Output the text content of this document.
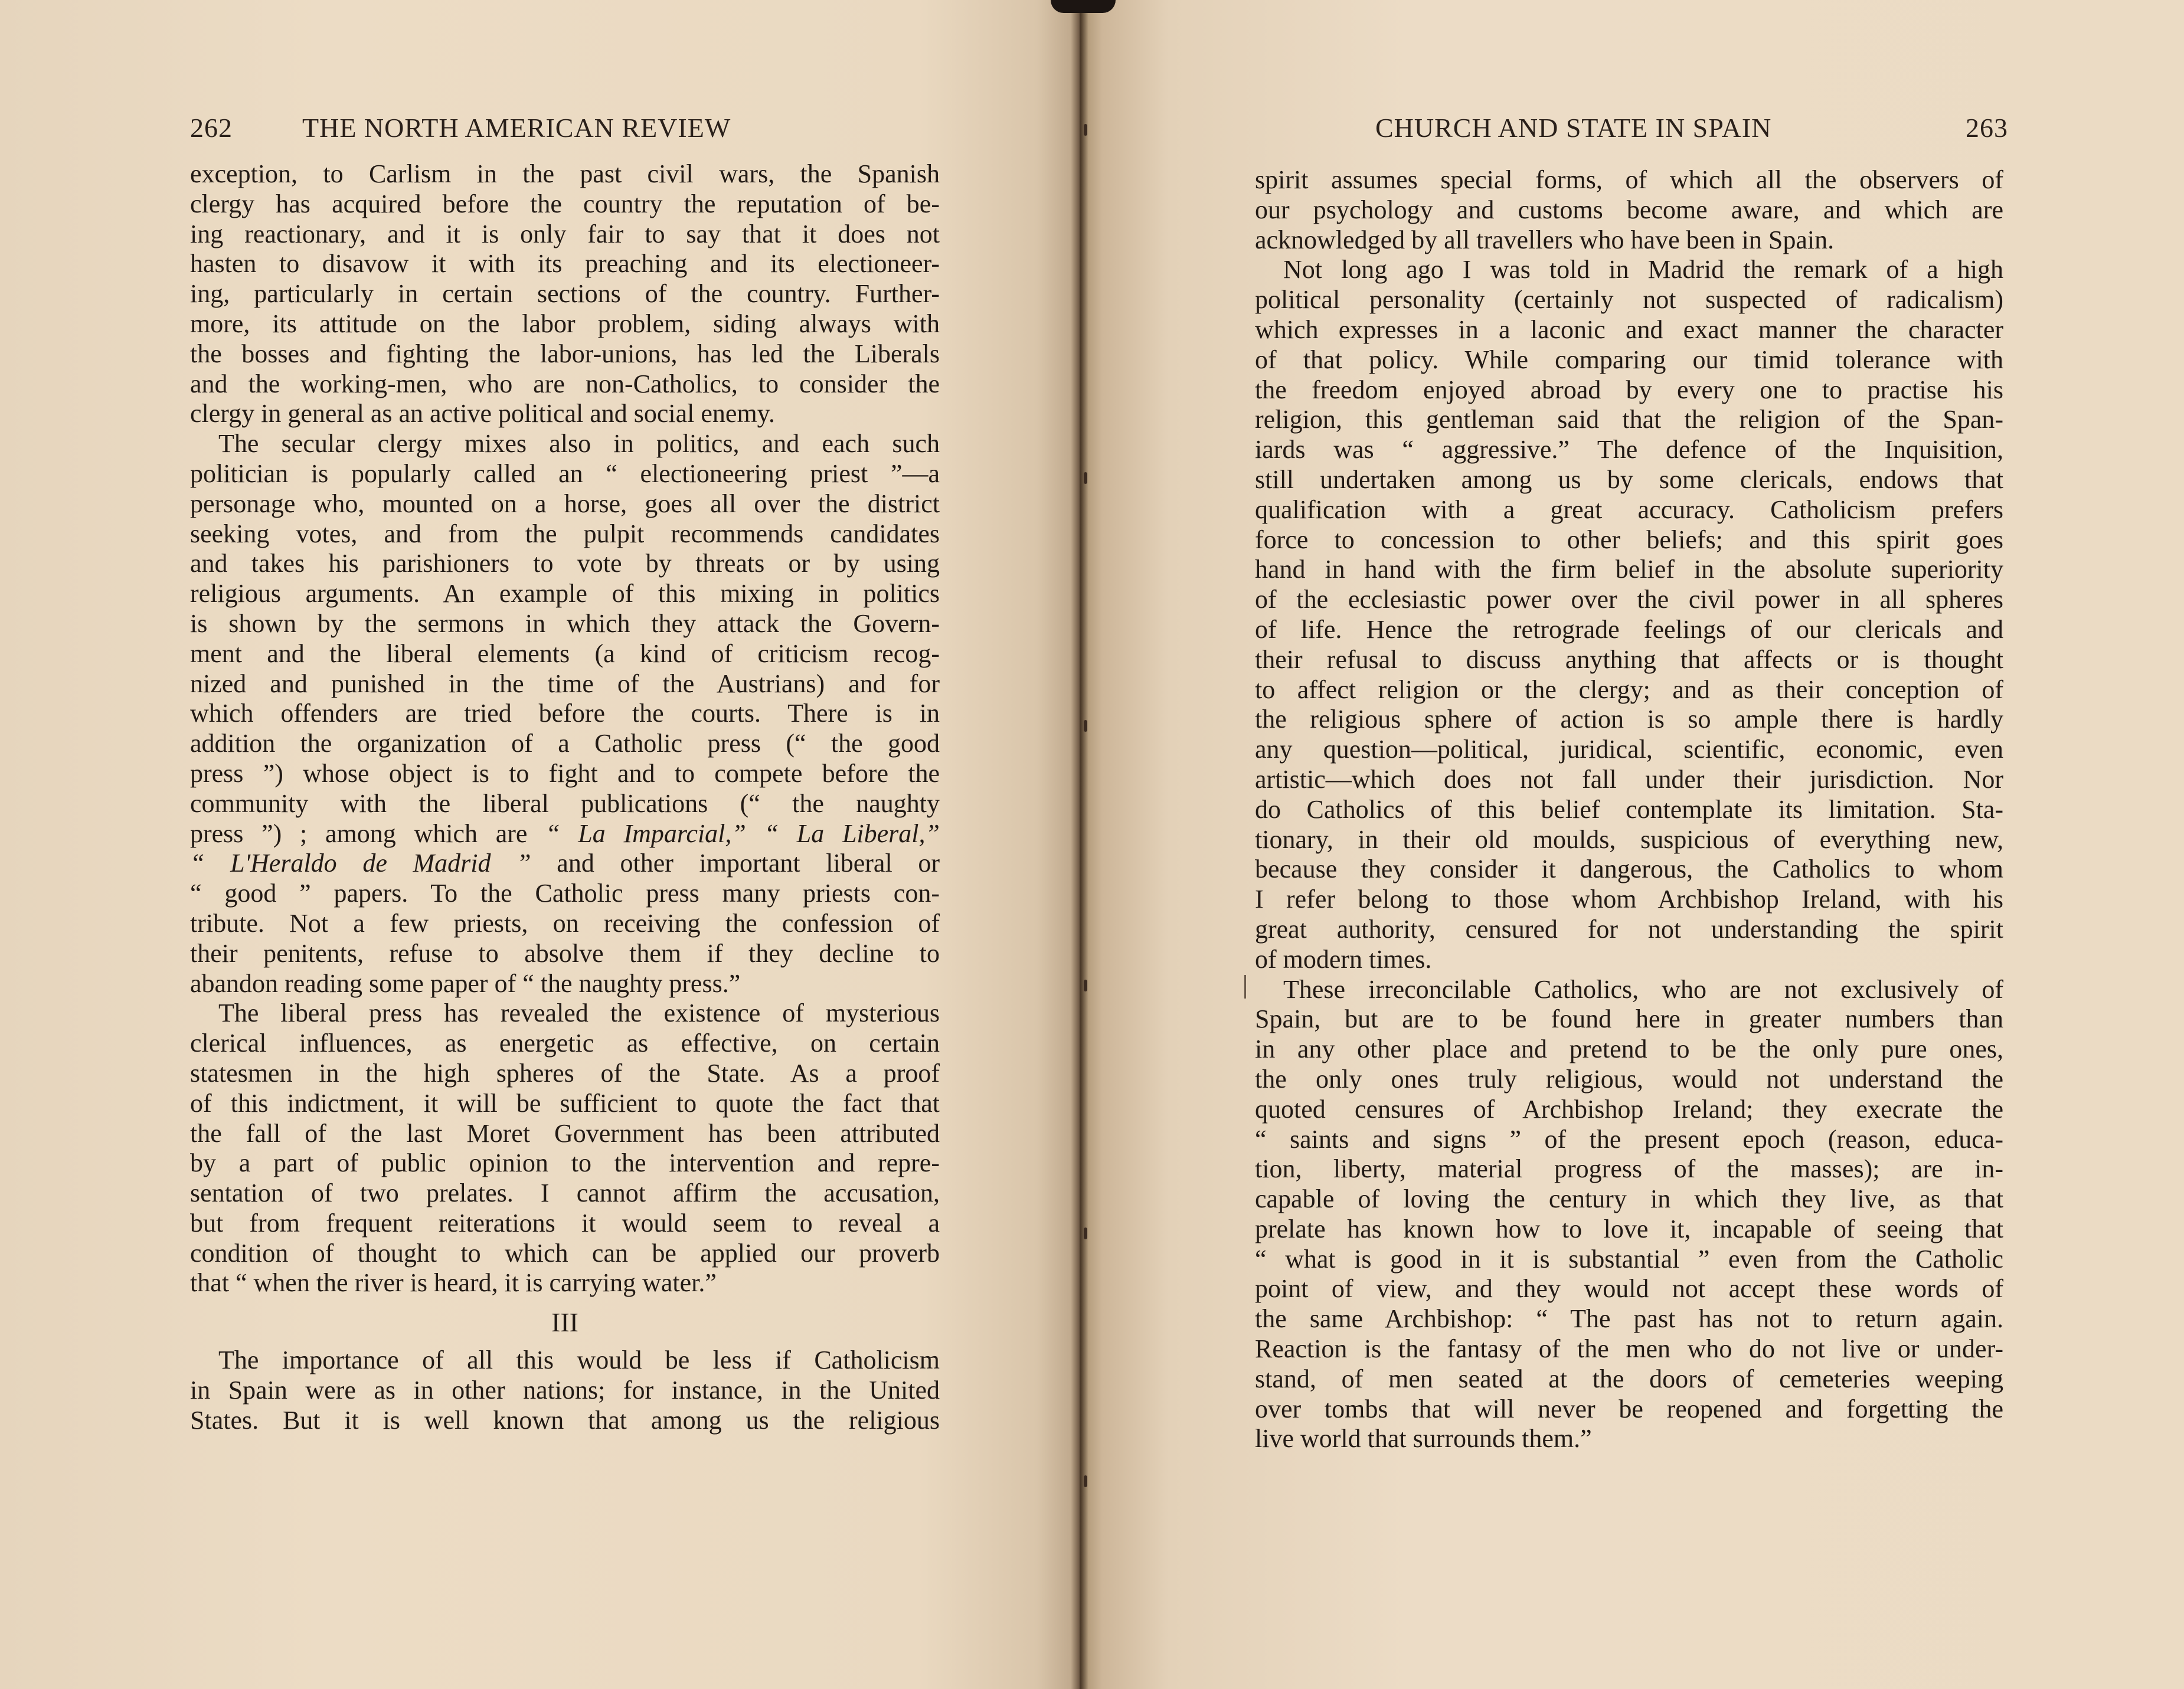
262	THE NORTH AMERICAN REVIEW	CHURCH AND STATE IN SPAIN	263
exception, to Carlism in the past civil wars, the Spanish
clergy has acquired before the country the reputation of be-
ing reactionary, and it is only fair to say that it does not
hasten to disavow it with its preaching and its electioneer-
ing, particularly in certain sections of the country. Further-
more, its attitude on the labor problem, siding always with
the bosses and fighting the labor-unions, has led the Liberals
and the working-men, who are non-Catholics, to consider the
clergy in general as an active political and social enemy.
The secular clergy mixes also in politics, and each such
politician is popularly called an “ electioneering priest ”—a
personage who, mounted on a horse, goes all over the district
seeking votes, and from the pulpit recommends candidates
and takes his parishioners to vote by threats or by using
religious arguments. An example of this mixing in politics
is shown by the sermons in which they attack the Govern-
ment and the liberal elements (a kind of criticism recog-
nized and punished in the time of the Austrians) and for
which offenders are tried before the courts. There is in
addition the organization of a Catholic press (“ the good
press ”) whose object is to fight and to compete before the
community with the liberal publications (“ the naughty
press ”) ; among which are “ La Imparcial,” “ La Liberal,”
“ L'Heraldo de Madrid ” and other important liberal or
“ good ” papers. To the Catholic press many priests con-
tribute. Not a few priests, on receiving the confession of
their penitents, refuse to absolve them if they decline to
abandon reading some paper of “ the naughty press.”
The liberal press has revealed the existence of mysterious
clerical influences, as energetic as effective, on certain
statesmen in the high spheres of the State. As a proof
of this indictment, it will be sufficient to quote the fact that
the fall of the last Moret Government has been attributed
by a part of public opinion to the intervention and repre-
sentation of two prelates. I cannot affirm the accusation,
but from frequent reiterations it would seem to reveal a
condition of thought to which can be applied our proverb
that “ when the river is heard, it is carrying water.”
III
The importance of all this would be less if Catholicism
in Spain were as in other nations; for instance, in the United
States. But it is well known that among us the religious
spirit assumes special forms, of which all the observers of
our psychology and customs become aware, and which are
acknowledged by all travellers who have been in Spain.
Not long ago I was told in Madrid the remark of a high
political personality (certainly not suspected of radicalism)
which expresses in a laconic and exact manner the character
of that policy. While comparing our timid tolerance with
the freedom enjoyed abroad by every one to practise his
religion, this gentleman said that the religion of the Span-
iards was “ aggressive.” The defence of the Inquisition,
still undertaken among us by some clericals, endows that
qualification with a great accuracy. Catholicism prefers
force to concession to other beliefs; and this spirit goes
hand in hand with the firm belief in the absolute superiority
of the ecclesiastic power over the civil power in all spheres
of life. Hence the retrograde feelings of our clericals and
their refusal to discuss anything that affects or is thought
to affect religion or the clergy; and as their conception of
the religious sphere of action is so ample there is hardly
any question—political, juridical, scientific, economic, even
artistic—which does not fall under their jurisdiction. Nor
do Catholics of this belief contemplate its limitation. Sta-
tionary, in their old moulds, suspicious of everything new,
because they consider it dangerous, the Catholics to whom
I refer belong to those whom Archbishop Ireland, with his
great authority, censured for not understanding the spirit
of modern times.
These irreconcilable Catholics, who are not exclusively of
Spain, but are to be found here in greater numbers than
in any other place and pretend to be the only pure ones,
the only ones truly religious, would not understand the
quoted censures of Archbishop Ireland; they execrate the
“ saints and signs ” of the present epoch (reason, educa-
tion, liberty, material progress of the masses); are in-
capable of loving the century in which they live, as that
prelate has known how to love it, incapable of seeing that
“ what is good in it is substantial ” even from the Catholic
point of view, and they would not accept these words of
the same Archbishop: “ The past has not to return again.
Reaction is the fantasy of the men who do not live or under-
stand, of men seated at the doors of cemeteries weeping
over tombs that will never be reopened and forgetting the
live world that surrounds them.”
